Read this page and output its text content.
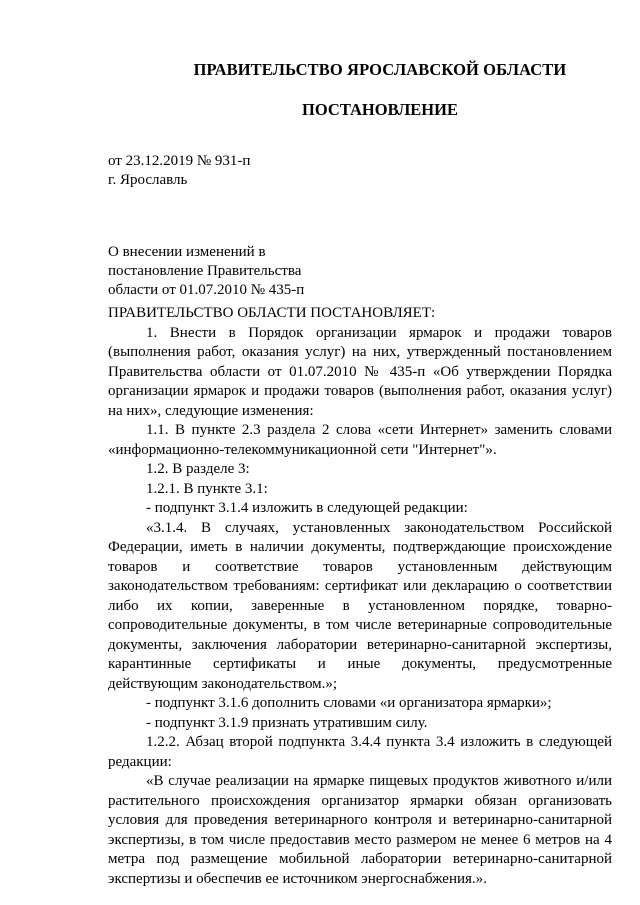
ПРАВИТЕЛЬСТВО ЯРОСЛАВСКОЙ ОБЛАСТИ
ПОСТАНОВЛЕНИЕ
от 23.12.2019 № 931-п
г. Ярославль
О внесении изменений в
постановление Правительства
области от 01.07.2010 № 435-п

ПРАВИТЕЛЬСТВО ОБЛАСТИ ПОСТАНОВЛЯЕТ:

1. Внести в Порядок организации ярмарок и продажи товаров (выполнения работ, оказания услуг) на них, утвержденный постановлением Правительства области от 01.07.2010 № 435-п «Об утверждении Порядка организации ярмарок и продажи товаров (выполнения работ, оказания услуг) на них», следующие изменения:

1.1. В пункте 2.3 раздела 2 слова «сети Интернет» заменить словами «информационно-телекоммуникационной сети "Интернет"».

1.2. В разделе 3:

1.2.1. В пункте 3.1:

- подпункт 3.1.4 изложить в следующей редакции:

«3.1.4. В случаях, установленных законодательством Российской Федерации, иметь в наличии документы, подтверждающие происхождение товаров и соответствие товаров установленным действующим законодательством требованиям: сертификат или декларацию о соответствии либо их копии, заверенные в установленном порядке, товарно-сопроводительные документы, в том числе ветеринарные сопроводительные документы, заключения лаборатории ветеринарно-санитарной экспертизы, карантинные сертификаты и иные документы, предусмотренные действующим законодательством.»;

- подпункт 3.1.6 дополнить словами «и организатора ярмарки»;

- подпункт 3.1.9 признать утратившим силу.

1.2.2. Абзац второй подпункта 3.4.4 пункта 3.4 изложить в следующей редакции:

«В случае реализации на ярмарке пищевых продуктов животного и/или растительного происхождения организатор ярмарки обязан организовать условия для проведения ветеринарного контроля и ветеринарно-санитарной экспертизы, в том числе предоставив место размером не менее 6 метров на 4 метра под размещение мобильной лаборатории ветеринарно-санитарной экспертизы и обеспечив ее источником энергоснабжения.».
